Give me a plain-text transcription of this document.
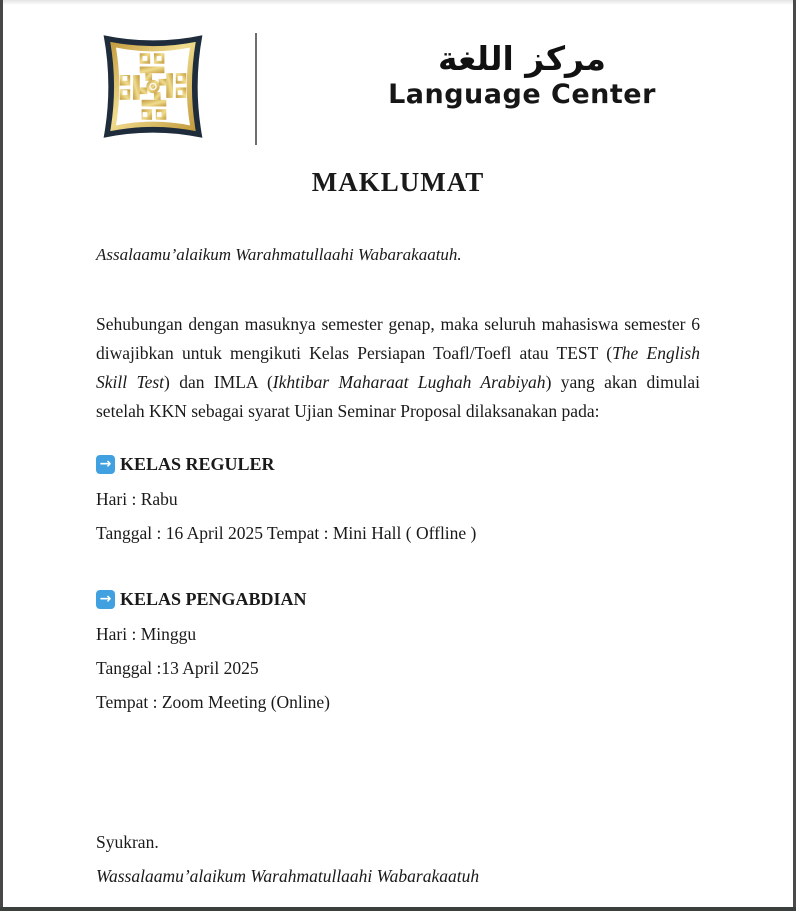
مركز اللغة
Language Center
MAKLUMAT
Assalaamu’alaikum Warahmatullaahi Wabarakaatuh.

Sehubungan dengan masuknya semester genap, maka seluruh mahasiswa semester 6 diwajibkan untuk mengikuti Kelas Persiapan Toafl/Toefl atau TEST (The English Skill Test) dan IMLA (Ikhtibar Maharaat Lughah Arabiyah) yang akan dimulai setelah KKN sebagai syarat Ujian Seminar Proposal dilaksanakan pada:

→ KELAS REGULER
Hari : Rabu
Tanggal : 16 April 2025 Tempat : Mini Hall ( Offline )
→ KELAS PENGABDIAN
Hari : Minggu
Tanggal :13 April 2025
Tempat : Zoom Meeting (Online)
Syukran.
Wassalaamu’alaikum Warahmatullaahi Wabarakaatuh
